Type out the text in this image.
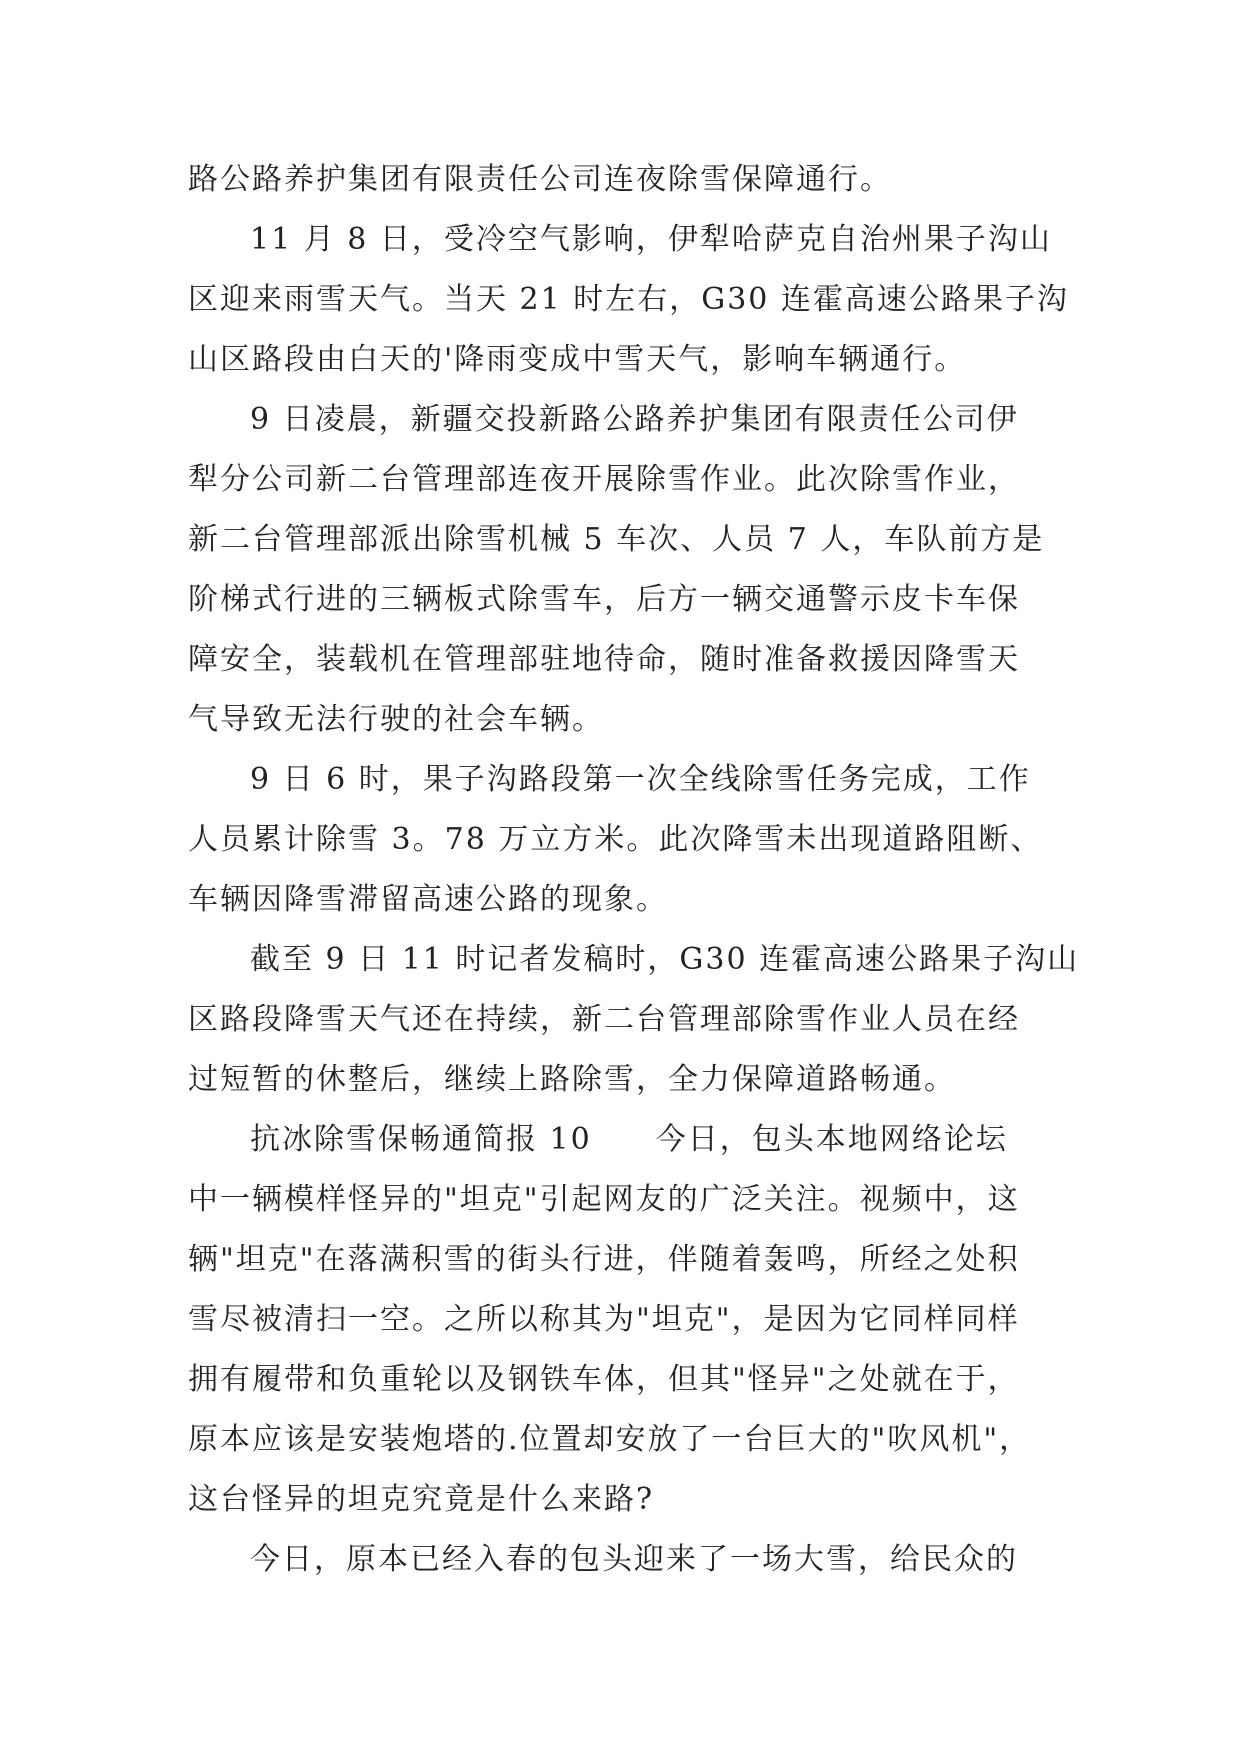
路公路养护集团有限责任公司连夜除雪保障通行。
11 月 8 日，受冷空气影响，伊犁哈萨克自治州果子沟山
区迎来雨雪天气。当天 21 时左右，G30 连霍高速公路果子沟
山区路段由白天的'降雨变成中雪天气，影响车辆通行。
9 日凌晨，新疆交投新路公路养护集团有限责任公司伊
犁分公司新二台管理部连夜开展除雪作业。此次除雪作业，
新二台管理部派出除雪机械 5 车次、人员 7 人，车队前方是
阶梯式行进的三辆板式除雪车，后方一辆交通警示皮卡车保
障安全，装载机在管理部驻地待命，随时准备救援因降雪天
气导致无法行驶的社会车辆。
9 日 6 时，果子沟路段第一次全线除雪任务完成，工作
人员累计除雪 3。78 万立方米。此次降雪未出现道路阻断、
车辆因降雪滞留高速公路的现象。
截至 9 日 11 时记者发稿时，G30 连霍高速公路果子沟山
区路段降雪天气还在持续，新二台管理部除雪作业人员在经
过短暂的休整后，继续上路除雪，全力保障道路畅通。
抗冰除雪保畅通简报 10　　今日，包头本地网络论坛
中一辆模样怪异的"坦克"引起网友的广泛关注。视频中，这
辆"坦克"在落满积雪的街头行进，伴随着轰鸣，所经之处积
雪尽被清扫一空。之所以称其为"坦克"，是因为它同样同样
拥有履带和负重轮以及钢铁车体，但其"怪异"之处就在于，
原本应该是安装炮塔的.位置却安放了一台巨大的"吹风机"，
这台怪异的坦克究竟是什么来路?
今日，原本已经入春的包头迎来了一场大雪，给民众的
